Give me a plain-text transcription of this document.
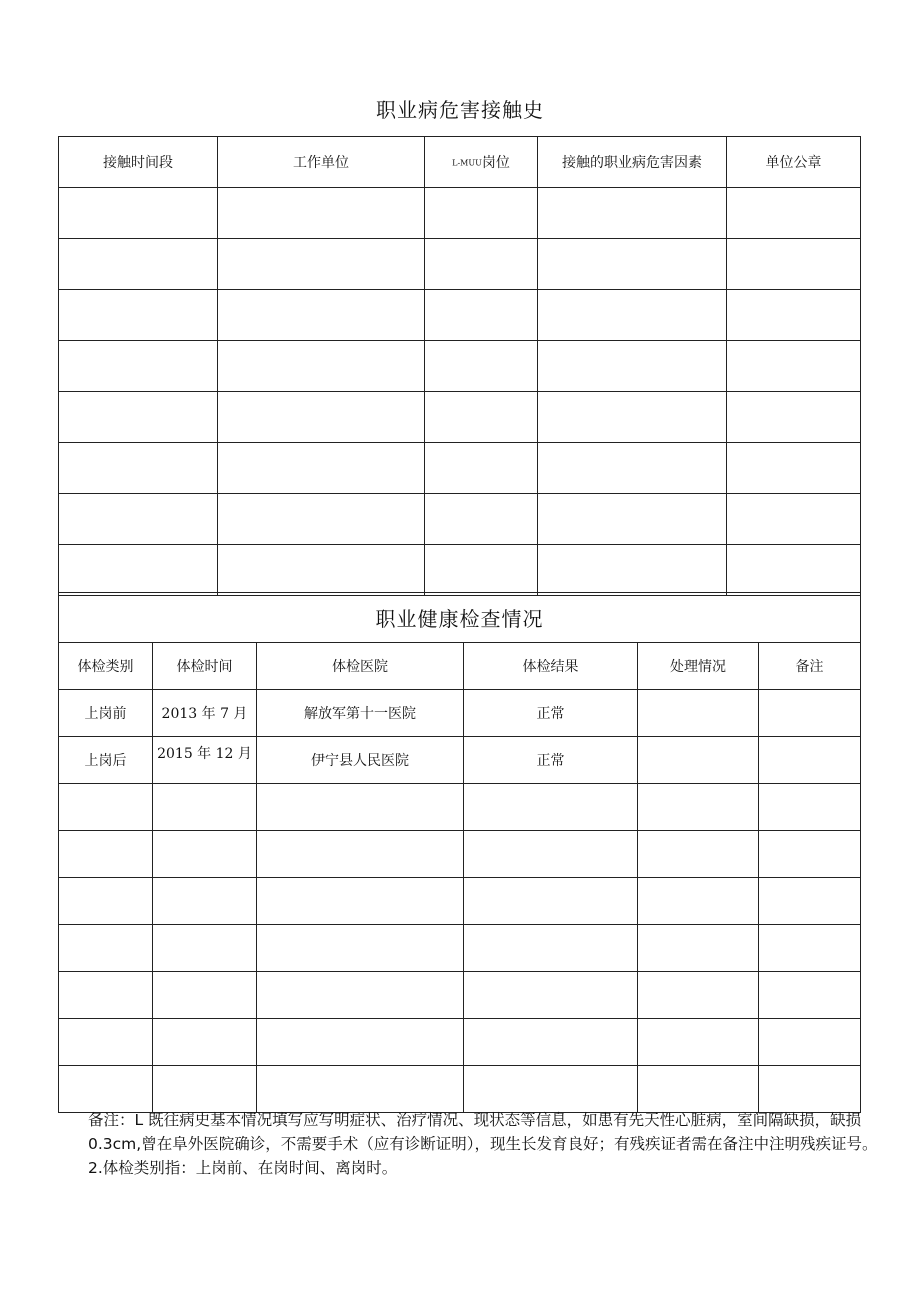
职业病危害接触史
接触时间段	工作单位	L-MUU岗位	接触的职业病危害因素	单位公章

职业健康检查情况					
体检类别	体检时间	体检医院	体检结果	处理情况	备注
上岗前	2013 年 7 月	解放军第十一医院	正常		
上岗后	2015 年 12 月	伊宁县人民医院	正常		

备注：L 既往病史基本情况填写应写明症状、治疗情况、现状态等信息，如患有先天性心脏病，室间隔缺损，缺损 0.3cm,曾在阜外医院确诊，不需要手术（应有诊断证明），现生长发育良好；有残疾证者需在备注中注明残疾证号。

2.体检类别指：上岗前、在岗时间、离岗时。
